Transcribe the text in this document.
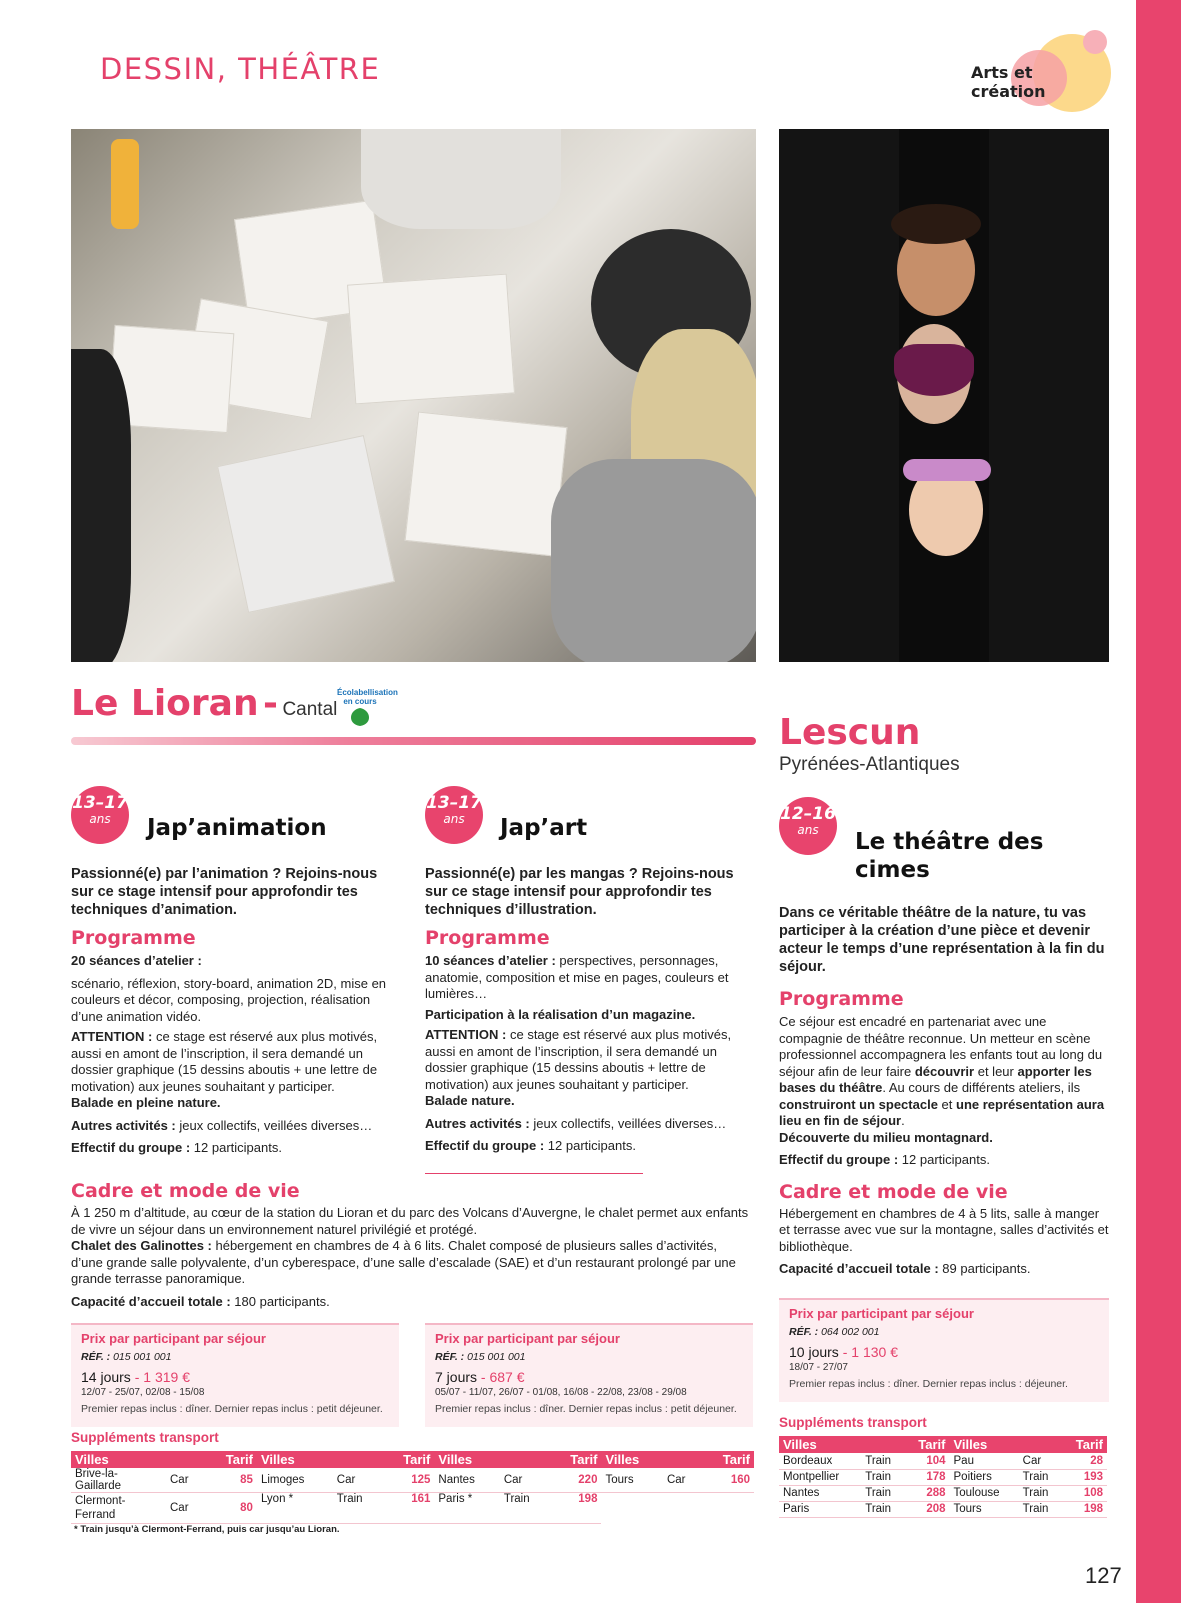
DESSIN, THÉÂTRE	Arts et création
Le Lioran - Cantal
Écolabellisation
en cours
13–17
ans	Jap’animation
Passionné(e) par l’animation ? Rejoins-nous sur ce stage intensif pour approfondir tes techniques d’animation.
Programme
20 séances d’atelier :
scénario, réflexion, story-board, animation 2D, mise en couleurs et décor, composing, projection, réalisation d’une animation vidéo.
ATTENTION : ce stage est réservé aux plus motivés, aussi en amont de l’inscription, il sera demandé un dossier graphique (15 dessins aboutis + une lettre de motivation) aux jeunes souhaitant y participer.
Balade en pleine nature.
Autres activités : jeux collectifs, veillées diverses…
Effectif du groupe : 12 participants.
13–17
ans	Jap’art
Passionné(e) par les mangas ? Rejoins-nous sur ce stage intensif pour approfondir tes techniques d’illustration.
Programme
10 séances d’atelier : perspectives, personnages, anatomie, composition et mise en pages, couleurs et lumières…
Participation à la réalisation d’un magazine.
ATTENTION : ce stage est réservé aux plus motivés, aussi en amont de l’inscription, il sera demandé un dossier graphique (15 dessins aboutis + lettre de motivation) aux jeunes souhaitant y participer.
Balade nature.
Autres activités : jeux collectifs, veillées diverses…
Effectif du groupe : 12 participants.
Cadre et mode de vie
À 1 250 m d’altitude, au cœur de la station du Lioran et du parc des Volcans d’Auvergne, le chalet permet aux enfants de vivre un séjour dans un environnement naturel privilégié et protégé.
Chalet des Galinottes : hébergement en chambres de 4 à 6 lits. Chalet composé de plusieurs salles d’activités, d’une grande salle polyvalente, d’un cyberespace, d’une salle d’escalade (SAE) et d’un restaurant prolongé par une grande terrasse panoramique.
Capacité d’accueil totale : 180 participants.
Prix par participant par séjour
RÉF. : 015 001 001
14 jours - 1 319 €
12/07 - 25/07, 02/08 - 15/08
Premier repas inclus : dîner. Dernier repas inclus : petit déjeuner.
Prix par participant par séjour
RÉF. : 015 001 001
7 jours - 687 €
05/07 - 11/07, 26/07 - 01/08, 16/08 - 22/08, 23/08 - 29/08
Premier repas inclus : dîner. Dernier repas inclus : petit déjeuner.
Suppléments transport
Villes		Tarif	Villes		Tarif	Villes		Tarif	Villes		Tarif
Brive-la-Gaillarde	Car	85	Limoges	Car	125	Nantes	Car	220	Tours	Car	160
Clermont-Ferrand	Car	80	Lyon *	Train	161	Paris *	Train	198			
* Train jusqu’à Clermont-Ferrand, puis car jusqu’au Lioran.
Lescun
Pyrénées-Atlantiques
12–16
ans	Le théâtre des
cimes
Dans ce véritable théâtre de la nature, tu vas participer à la création d’une pièce et devenir acteur le temps d’une représentation à la fin du séjour.
Programme
Ce séjour est encadré en partenariat avec une compagnie de théâtre reconnue. Un metteur en scène professionnel accompagnera les enfants tout au long du séjour afin de leur faire découvrir et leur apporter les bases du théâtre. Au cours de différents ateliers, ils construiront un spectacle et une représentation aura lieu en fin de séjour.
Découverte du milieu montagnard.
Effectif du groupe : 12 participants.
Cadre et mode de vie
Hébergement en chambres de 4 à 5 lits, salle à manger et terrasse avec vue sur la montagne, salles d’activités et bibliothèque.
Capacité d’accueil totale : 89 participants.
Prix par participant par séjour
RÉF. : 064 002 001
10 jours - 1 130 €
18/07 - 27/07
Premier repas inclus : dîner. Dernier repas inclus : déjeuner.
Suppléments transport
Villes		Tarif	Villes		Tarif
Bordeaux	Train	104	Pau	Car	28
Montpellier	Train	178	Poitiers	Train	193
Nantes	Train	288	Toulouse	Train	108
Paris	Train	208	Tours	Train	198
127
